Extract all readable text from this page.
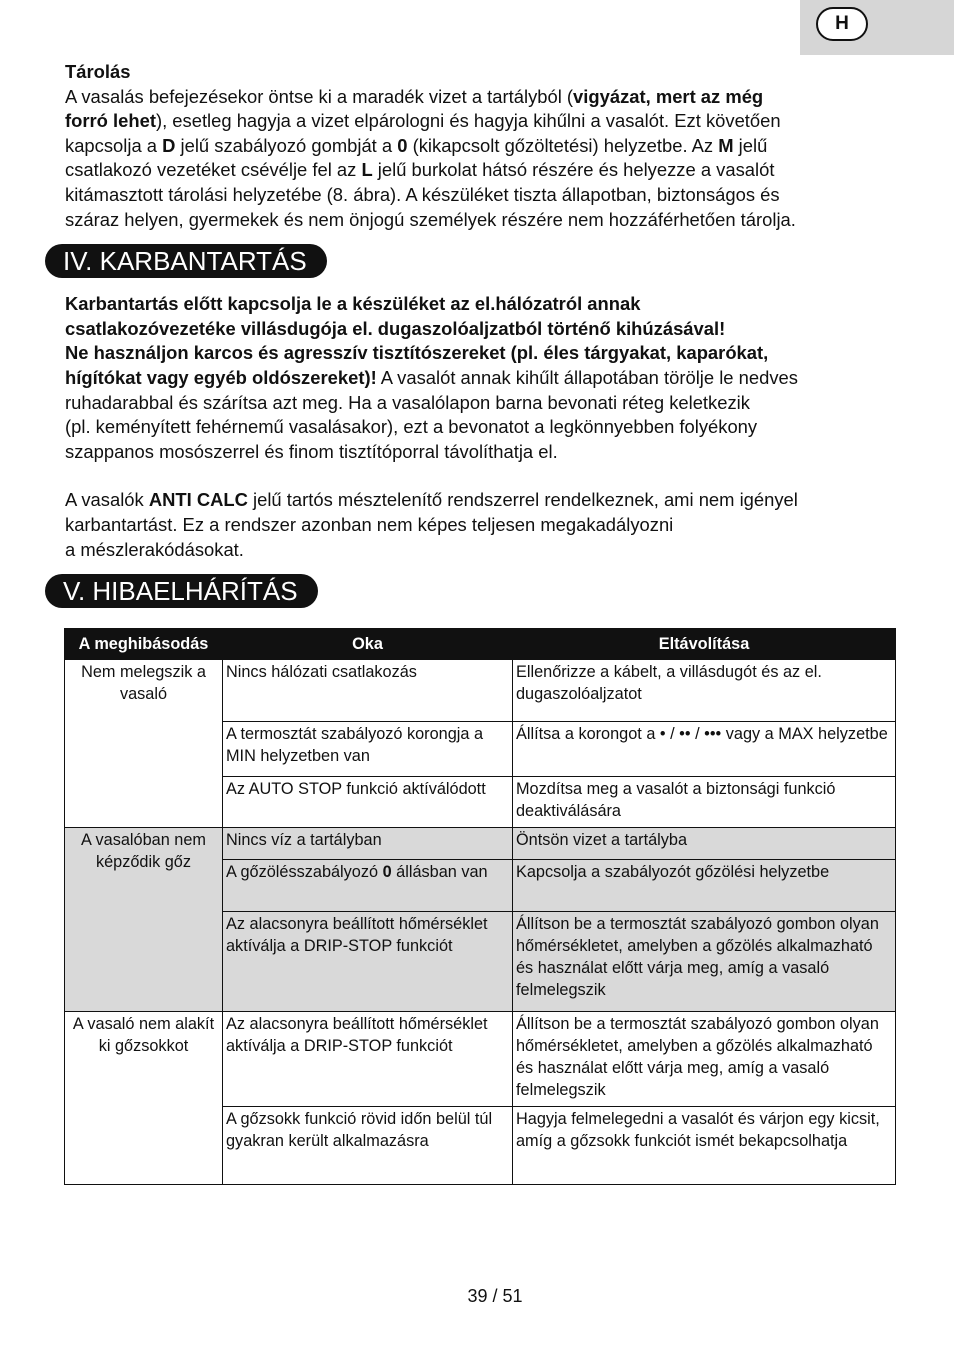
H

Tárolás
A vasalás befejezésekor öntse ki a maradék vizet a tartályból (vigyázat, mert az még
forró lehet), esetleg hagyja a vizet elpárologni és hagyja kihűlni a vasalót. Ezt követően
kapcsolja a D jelű szabályozó gombját a 0 (kikapcsolt gőzöltetési) helyzetbe. Az M jelű
csatlakozó vezetéket csévélje fel az L jelű burkolat hátsó részére és helyezze a vasalót
kitámasztott tárolási helyzetébe (8. ábra). A készüléket tiszta állapotban, biztonságos és
száraz helyen, gyermekek és nem önjogú személyek részére nem hozzáférhetően tárolja.

IV. KARBANTARTÁS

Karbantartás előtt kapcsolja le a készüléket az el.hálózatról annak
csatlakozóvezetéke villásdugója el. dugaszolóaljzatból történő kihúzásával!
Ne használjon karcos és agresszív tisztítószereket (pl. éles tárgyakat, kaparókat,
hígítókat vagy egyéb oldószereket)! A vasalót annak kihűlt állapotában törölje le nedves
ruhadarabbal és szárítsa azt meg. Ha a vasalólapon barna bevonati réteg keletkezik
(pl. keményített fehérnemű vasalásakor), ezt a bevonatot a legkönnyebben folyékony
szappanos mosószerrel és finom tisztítóporral távolíthatja el.

A vasalók ANTI CALC jelű tartós mésztelenítő rendszerrel rendelkeznek, ami nem igényel
karbantartást. Ez a rendszer azonban nem képes teljesen megakadályozni
a mészlerakódásokat.

V. HIBAELHÁRÍTÁS
A meghibásodás	Oka	Eltávolítása
Nem melegszik a vasaló	Nincs hálózati csatlakozás	Ellenőrizze a kábelt, a villásdugót és az el. dugaszolóaljzatot
	A termosztát szabályozó korongja a MIN helyzetben van	Állítsa a korongot a • / •• / ••• vagy a MAX helyzetbe
	Az AUTO STOP funkció aktíválódott	Mozdítsa meg a vasalót a biztonsági funkció deaktiválására
A vasalóban nem képződik gőz	Nincs víz a tartályban	Öntsön vizet a tartályba
	A gőzölésszabályozó 0 állásban van	Kapcsolja a szabályozót gőzölési helyzetbe
	Az alacsonyra beállított hőmérséklet aktíválja a DRIP-STOP funkciót	Állítson be a termosztát szabályozó gombon olyan hőmérsékletet, amelyben a gőzölés alkalmazható és használat előtt várja meg, amíg a vasaló felmelegszik
A vasaló nem alakít ki gőzsokkot	Az alacsonyra beállított hőmérséklet aktíválja a DRIP-STOP funkciót	Állítson be a termosztát szabályozó gombon olyan hőmérsékletet, amelyben a gőzölés alkalmazható és használat előtt várja meg, amíg a vasaló felmelegszik
	A gőzsokk funkció rövid időn belül túl gyakran került alkalmazásra	Hagyja felmelegedni a vasalót és várjon egy kicsit, amíg a gőzsokk funkciót ismét bekapcsolhatja
39 / 51
